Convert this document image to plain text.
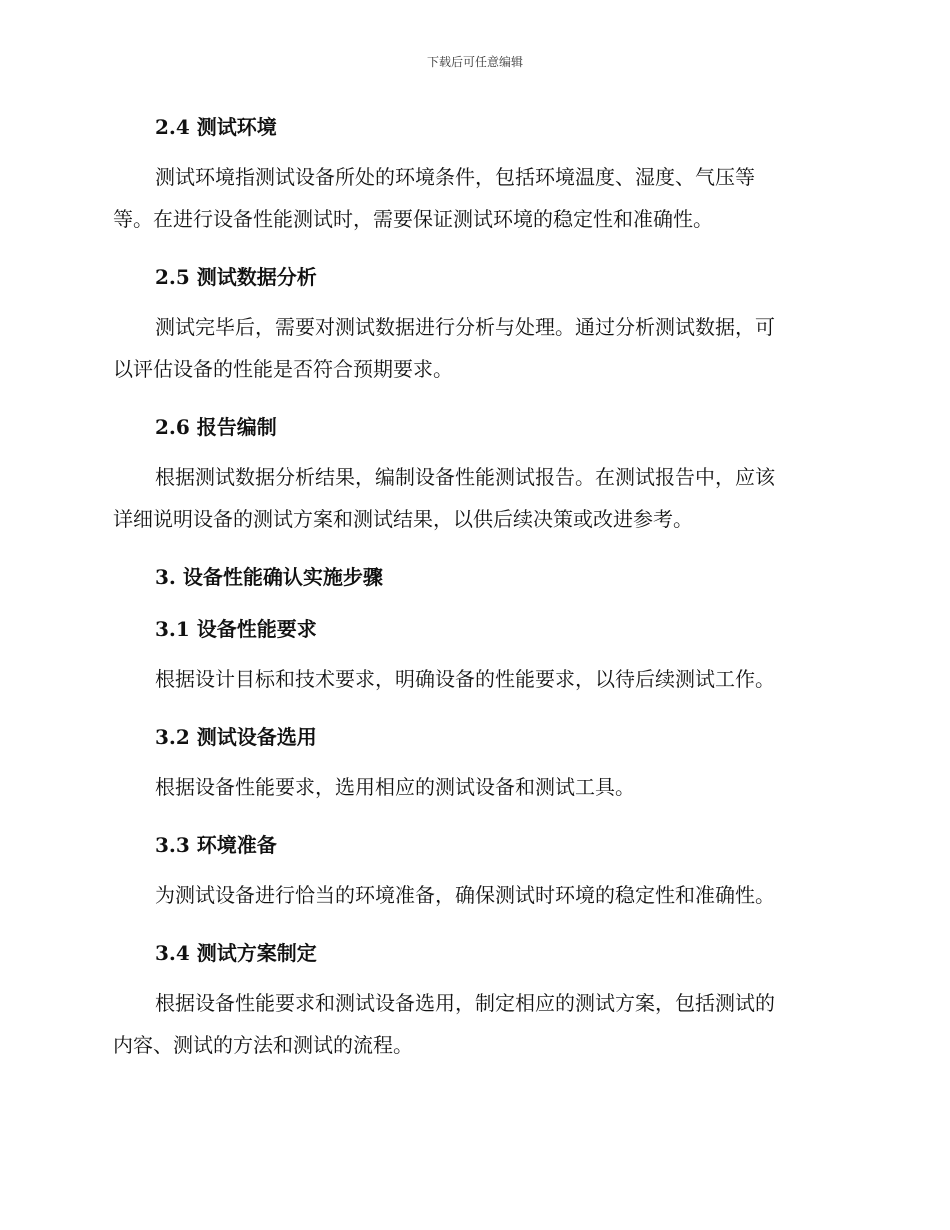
下载后可任意编辑
2.4 测试环境
测试环境指测试设备所处的环境条件，包括环境温度、湿度、气压等
等。在进行设备性能测试时，需要保证测试环境的稳定性和准确性。
2.5 测试数据分析
测试完毕后，需要对测试数据进行分析与处理。通过分析测试数据，可
以评估设备的性能是否符合预期要求。
2.6 报告编制
根据测试数据分析结果，编制设备性能测试报告。在测试报告中，应该
详细说明设备的测试方案和测试结果，以供后续决策或改进参考。
3. 设备性能确认实施步骤
3.1 设备性能要求
根据设计目标和技术要求，明确设备的性能要求，以待后续测试工作。
3.2 测试设备选用
根据设备性能要求，选用相应的测试设备和测试工具。
3.3 环境准备
为测试设备进行恰当的环境准备，确保测试时环境的稳定性和准确性。
3.4 测试方案制定
根据设备性能要求和测试设备选用，制定相应的测试方案，包括测试的
内容、测试的方法和测试的流程。
